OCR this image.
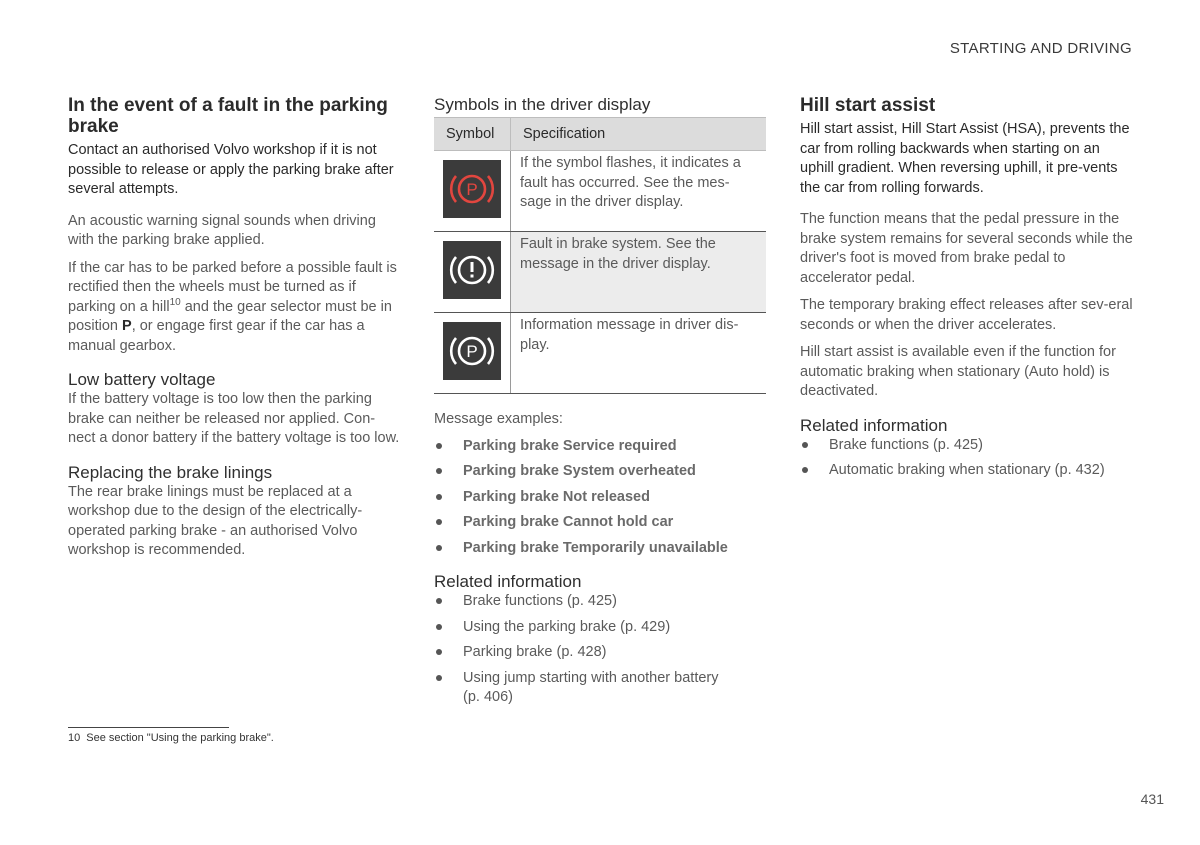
STARTING AND DRIVING
In the event of a fault in the parking brake

Contact an authorised Volvo workshop if it is not possible to release or apply the parking brake after several attempts.

An acoustic warning signal sounds when driving with the parking brake applied.

If the car has to be parked before a possible fault is rectified then the wheels must be turned as if parking on a hill$^{10}$ and the gear selector must be in position P, or engage first gear if the car has a manual gearbox.

Low battery voltage

If the battery voltage is too low then the parking brake can neither be released nor applied. Con-nect a donor battery if the battery voltage is too low.

Replacing the brake linings

The rear brake linings must be replaced at a workshop due to the design of the electrically-operated parking brake - an authorised Volvo workshop is recommended.

Symbols in the driver display
Symbol	Specification

P	If the symbol flashes, it indicates a fault has occurred. See the mes-sage in the driver display.

	Fault in brake system. See the message in the driver display.

P	Information message in driver dis-play.

Message examples:

Parking brake Service required
Parking brake System overheated
Parking brake Not released
Parking brake Cannot hold car
Parking brake Temporarily unavailable
Related information
Brake functions (p. 425)
Using the parking brake (p. 429)
Parking brake (p. 428)
Using jump starting with another battery (p. 406)
Hill start assist

Hill start assist, Hill Start Assist (HSA), prevents the car from rolling backwards when starting on an uphill gradient. When reversing uphill, it pre-vents the car from rolling forwards.

The function means that the pedal pressure in the brake system remains for several seconds while the driver's foot is moved from brake pedal to accelerator pedal.

The temporary braking effect releases after sev-eral seconds or when the driver accelerates.

Hill start assist is available even if the function for automatic braking when stationary (Auto hold) is deactivated.

Related information
Brake functions (p. 425)
Automatic braking when stationary (p. 432)
10 See section "Using the parking brake".
431
